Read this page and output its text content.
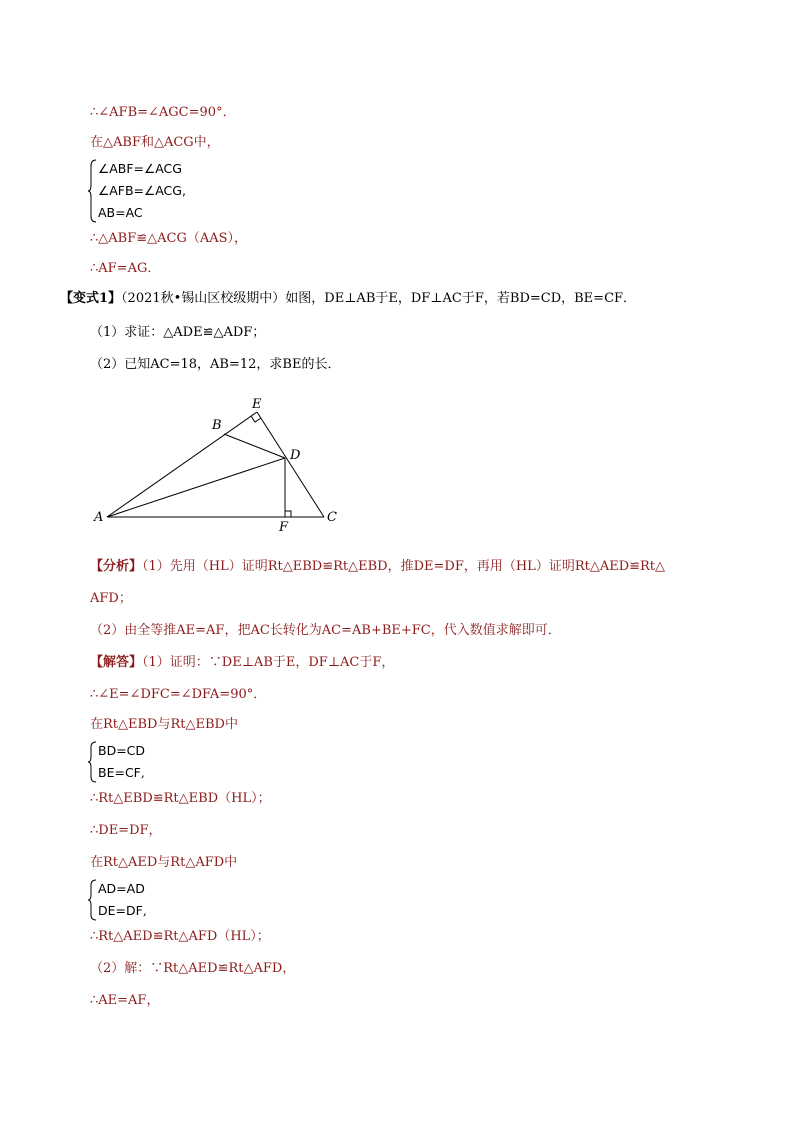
∴∠AFB=∠AGC=90°．
在△ABF和△ACG中，
∠ABF=∠ACG
∠AFB=∠ACG,
AB=AC
∴△ABF≌△ACG（AAS），
∴AF=AG．
【变式1】（2021秋•锡山区校级期中）如图，DE⊥AB于E，DF⊥AC于F，若BD=CD，BE=CF．
（1）求证：△ADE≌△ADF；
（2）已知AC=18，AB=12，求BE的长．
A
B
E
D
F
C
【分析】（1）先用（HL）证明Rt△EBD≌Rt△EBD，推DE=DF，再用（HL）证明Rt△AED≌Rt△
AFD；
（2）由全等推AE=AF，把AC长转化为AC=AB+BE+FC，代入数值求解即可．
【解答】（1）证明：∵DE⊥AB于E，DF⊥AC于F，
∴∠E=∠DFC=∠DFA=90°．
在Rt△EBD与Rt△EBD中
BD=CD
BE=CF,
∴Rt△EBD≌Rt△EBD（HL）；
∴DE=DF，
在Rt△AED与Rt△AFD中
AD=AD
DE=DF,
∴Rt△AED≌Rt△AFD（HL）；
（2）解：∵Rt△AED≌Rt△AFD，
∴AE=AF，
